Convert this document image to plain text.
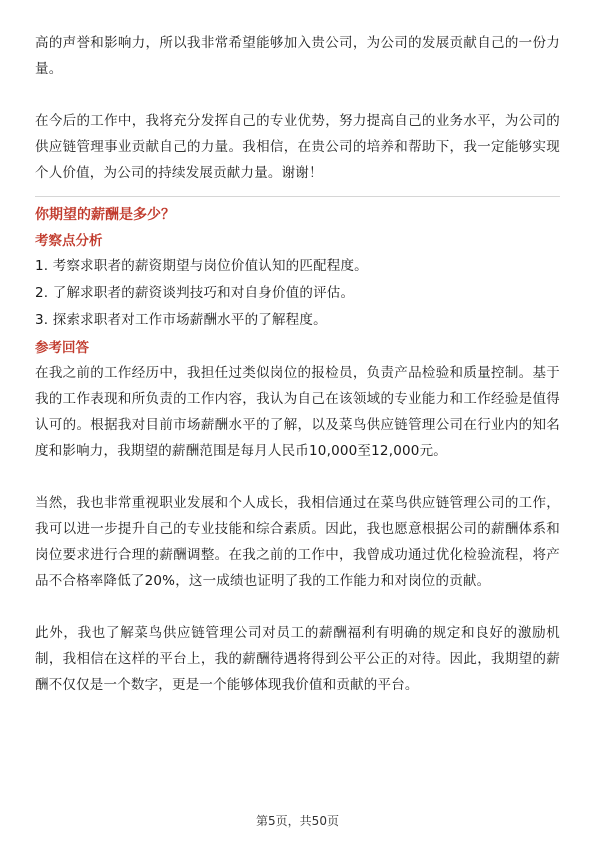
高的声誉和影响力，所以我非常希望能够加入贵公司，为公司的发展贡献自己的一份力量。

在今后的工作中，我将充分发挥自己的专业优势，努力提高自己的业务水平，为公司的供应链管理事业贡献自己的力量。我相信，在贵公司的培养和帮助下，我一定能够实现个人价值，为公司的持续发展贡献力量。谢谢！

你期望的薪酬是多少？

考察点分析

1. 考察求职者的薪资期望与岗位价值认知的匹配程度。

2. 了解求职者的薪资谈判技巧和对自身价值的评估。

3. 探索求职者对工作市场薪酬水平的了解程度。

参考回答

在我之前的工作经历中，我担任过类似岗位的报检员，负责产品检验和质量控制。基于我的工作表现和所负责的工作内容，我认为自己在该领域的专业能力和工作经验是值得认可的。根据我对目前市场薪酬水平的了解，以及菜鸟供应链管理公司在行业内的知名度和影响力，我期望的薪酬范围是每月人民币10,000至12,000元。

当然，我也非常重视职业发展和个人成长，我相信通过在菜鸟供应链管理公司的工作，我可以进一步提升自己的专业技能和综合素质。因此，我也愿意根据公司的薪酬体系和岗位要求进行合理的薪酬调整。在我之前的工作中，我曾成功通过优化检验流程，将产品不合格率降低了20%，这一成绩也证明了我的工作能力和对岗位的贡献。

此外，我也了解菜鸟供应链管理公司对员工的薪酬福利有明确的规定和良好的激励机制，我相信在这样的平台上，我的薪酬待遇将得到公平公正的对待。因此，我期望的薪酬不仅仅是一个数字，更是一个能够体现我价值和贡献的平台。

第5页，共50页
